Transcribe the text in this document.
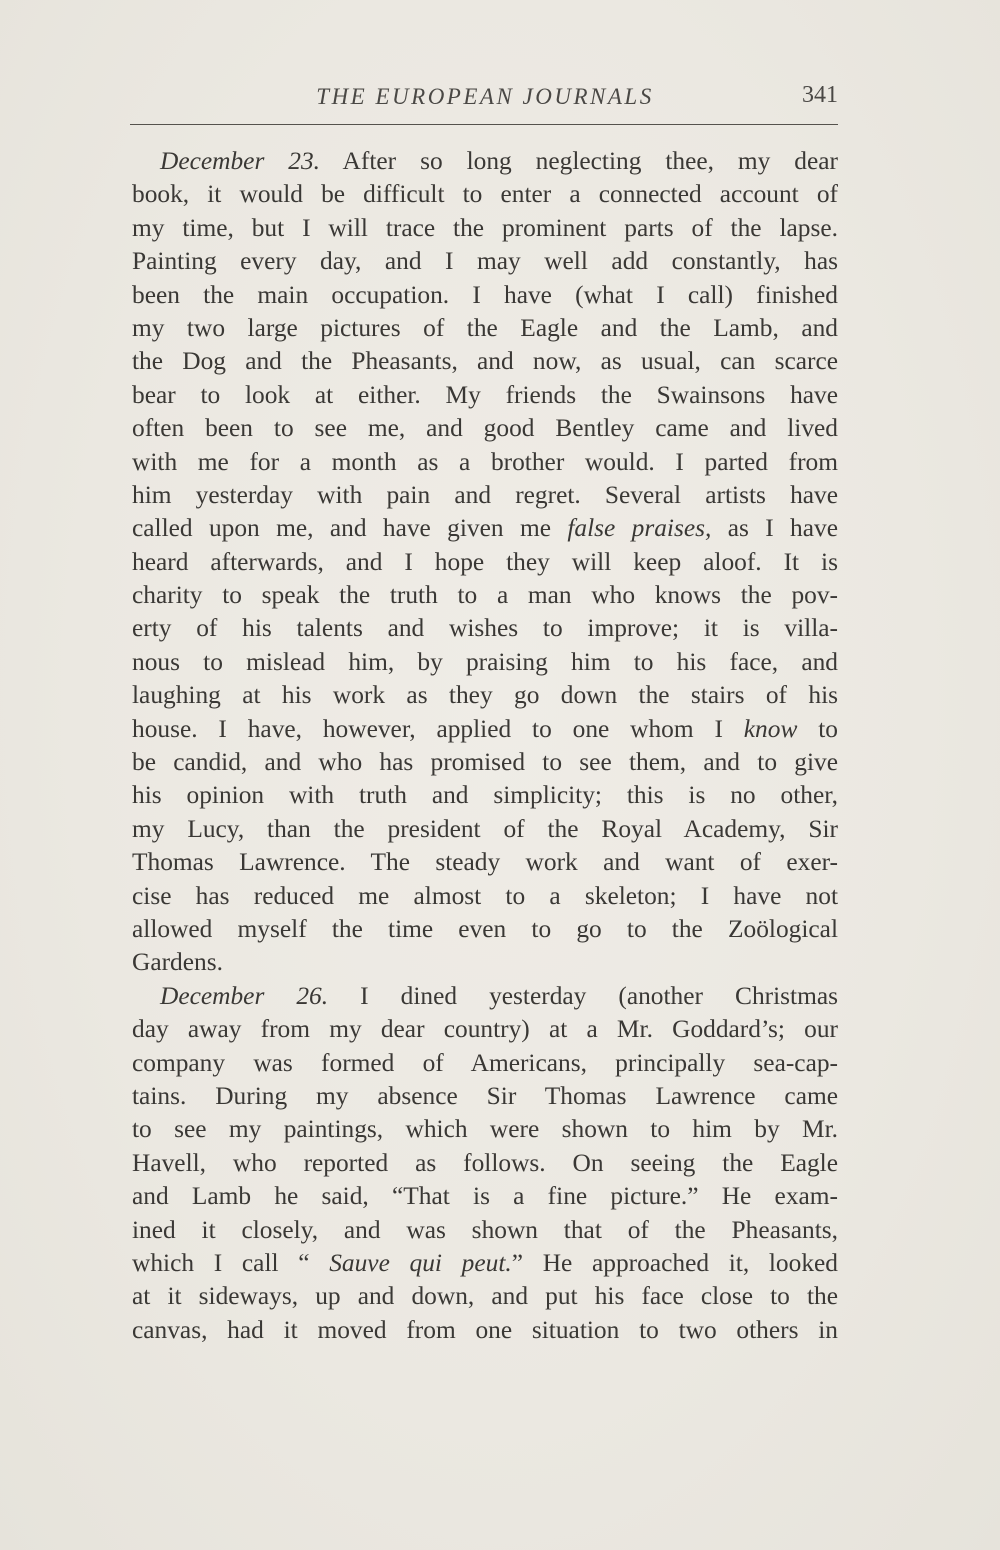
THE EUROPEAN JOURNALS	341
December 23. After so long neglecting thee, my dear
book, it would be difficult to enter a connected account of
my time, but I will trace the prominent parts of the lapse.
Painting every day, and I may well add constantly, has
been the main occupation. I have (what I call) finished
my two large pictures of the Eagle and the Lamb, and
the Dog and the Pheasants, and now, as usual, can scarce
bear to look at either. My friends the Swainsons have
often been to see me, and good Bentley came and lived
with me for a month as a brother would. I parted from
him yesterday with pain and regret. Several artists have
called upon me, and have given me false praises, as I have
heard afterwards, and I hope they will keep aloof. It is
charity to speak the truth to a man who knows the pov-
erty of his talents and wishes to improve; it is villa-
nous to mislead him, by praising him to his face, and
laughing at his work as they go down the stairs of his
house. I have, however, applied to one whom I know to
be candid, and who has promised to see them, and to give
his opinion with truth and simplicity; this is no other,
my Lucy, than the president of the Royal Academy, Sir
Thomas Lawrence. The steady work and want of exer-
cise has reduced me almost to a skeleton; I have not
allowed myself the time even to go to the Zoölogical
Gardens.
December 26. I dined yesterday (another Christmas
day away from my dear country) at a Mr. Goddard’s; our
company was formed of Americans, principally sea-cap-
tains. During my absence Sir Thomas Lawrence came
to see my paintings, which were shown to him by Mr.
Havell, who reported as follows. On seeing the Eagle
and Lamb he said, “That is a fine picture.” He exam-
ined it closely, and was shown that of the Pheasants,
which I call “ Sauve qui peut.” He approached it, looked
at it sideways, up and down, and put his face close to the
canvas, had it moved from one situation to two others in
